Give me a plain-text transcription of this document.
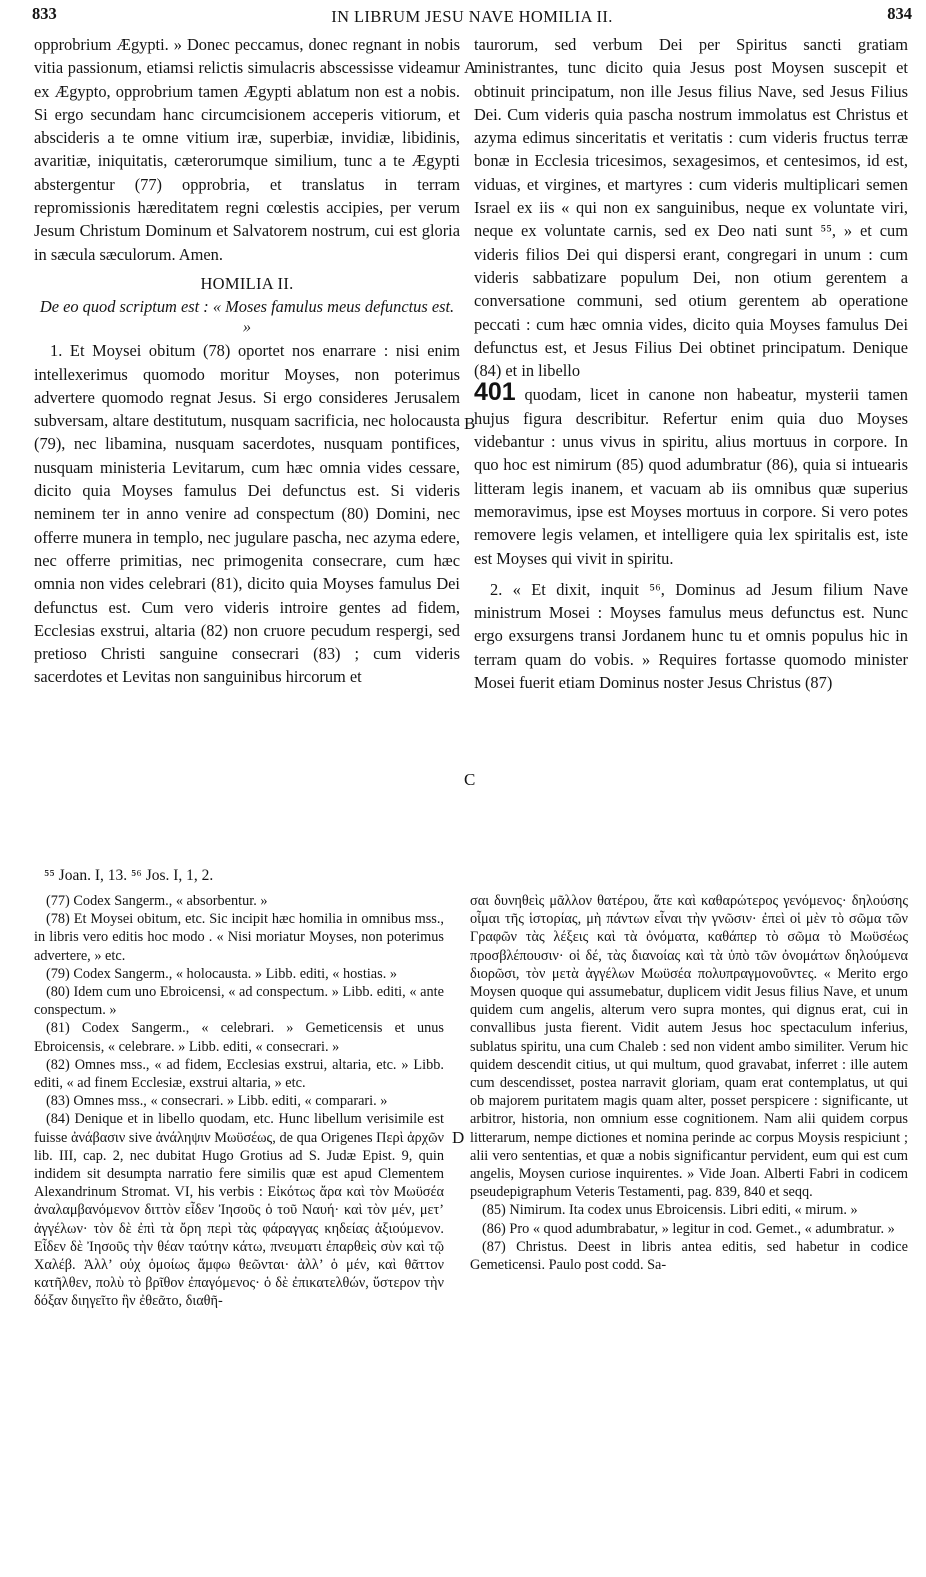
833	IN LIBRUM JESU NAVE HOMILIA II.	834

opprobrium Ægypti. » Donec peccamus, donec regnant in nobis vitia passionum, etiamsi relictis simulacris abscessisse videamur ex Ægypto, opprobrium tamen Ægypti ablatum non est a nobis. Si ergo secundam hanc circumcisionem acceperis vitiorum, et abscideris a te omne vitium iræ, superbiæ, invidiæ, libidinis, avaritiæ, iniquitatis, cæterorumque similium, tunc a te Ægypti abstergentur (77) opprobria, et translatus in terram repromissionis hæreditatem regni cœlestis accipies, per verum Jesum Christum Dominum et Salvatorem nostrum, cui est gloria in sæcula sæculorum. Amen.

HOMILIA II.

De eo quod scriptum est : « Moses famulus meus defunctus est. »

1. Et Moysei obitum (78) oportet nos enarrare : nisi enim intellexerimus quomodo moritur Moyses, non poterimus advertere quomodo regnat Jesus. Si ergo consideres Jerusalem subversam, altare destitutum, nusquam sacrificia, nec holocausta (79), nec libamina, nusquam sacerdotes, nusquam pontifices, nusquam ministeria Levitarum, cum hæc omnia vides cessare, dicito quia Moyses famulus Dei defunctus est. Si videris neminem ter in anno venire ad conspectum (80) Domini, nec offerre munera in templo, nec jugulare pascha, nec azyma edere, nec offerre primitias, nec primogenita consecrare, cum hæc omnia non vides celebrari (81), dicito quia Moyses famulus Dei defunctus est. Cum vero videris introire gentes ad fidem, Ecclesias exstrui, altaria (82) non cruore pecudum respergi, sed pretioso Christi sanguine consecrari (83) ; cum videris sacerdotes et Levitas non sanguinibus hircorum et

taurorum, sed verbum Dei per Spiritus sancti gratiam ministrantes, tunc dicito quia Jesus post Moysen suscepit et obtinuit principatum, non ille Jesus filius Nave, sed Jesus Filius Dei. Cum videris quia pascha nostrum immolatus est Christus et azyma edimus sinceritatis et veritatis : cum videris fructus terræ bonæ in Ecclesia tricesimos, sexagesimos, et centesimos, id est, viduas, et virgines, et martyres : cum videris multiplicari semen Israel ex iis « qui non ex sanguinibus, neque ex voluntate viri, neque ex voluntate carnis, sed ex Deo nati sunt ⁵⁵, » et cum videris filios Dei qui dispersi erant, congregari in unum : cum videris sabbatizare populum Dei, non otium gerentem a conversatione communi, sed otium gerentem ab operatione peccati : cum hæc omnia vides, dicito quia Moyses famulus Dei defunctus est, et Jesus Filius Dei obtinet principatum. Denique (84) et in libello
401 quodam, licet in canone non habeatur, mysterii tamen hujus figura describitur. Refertur enim quia duo Moyses videbantur : unus vivus in spiritu, alius mortuus in corpore. In quo hoc est nimirum (85) quod adumbratur (86), quia si intuearis litteram legis inanem, et vacuam ab iis omnibus quæ superius memoravimus, ipse est Moyses mortuus in corpore. Si vero potes removere legis velamen, et intelligere quia lex spiritalis est, iste est Moyses qui vivit in spiritu.

2. « Et dixit, inquit ⁵⁶, Dominus ad Jesum filium Nave ministrum Mosei : Moyses famulus meus defunctus est. Nunc ergo exsurgens transi Jordanem hunc tu et omnis populus hic in terram quam do vobis. » Requires fortasse quomodo minister Mosei fuerit etiam Dominus noster Jesus Christus (87)

A
B
C
D
⁵⁵ Joan. I, 13. ⁵⁶ Jos. I, 1, 2.

(77) Codex Sangerm., « absorbentur. »

(78) Et Moysei obitum, etc. Sic incipit hæc homilia in omnibus mss., in libris vero editis hoc modo . « Nisi moriatur Moyses, non poterimus advertere, » etc.

(79) Codex Sangerm., « holocausta. » Libb. editi, « hostias. »

(80) Idem cum uno Ebroicensi, « ad conspectum. » Libb. editi, « ante conspectum. »

(81) Codex Sangerm., « celebrari. » Gemeticensis et unus Ebroicensis, « celebrare. » Libb. editi, « consecrari. »

(82) Omnes mss., « ad fidem, Ecclesias exstrui, altaria, etc. » Libb. editi, « ad finem Ecclesiæ, exstrui altaria, » etc.

(83) Omnes mss., « consecrari. » Libb. editi, « comparari. »

(84) Denique et in libello quodam, etc. Hunc libellum verisimile est fuisse ἀνάβασιν sive ἀνάληψιν Μωϋσέως, de qua Origenes Περὶ ἀρχῶν lib. III, cap. 2, nec dubitat Hugo Grotius ad S. Judæ Epist. 9, quin indidem sit desumpta narratio fere similis quæ est apud Clementem Alexandrinum Stromat. VI, his verbis : Εἰκότως ἄρα καὶ τὸν Μωϋσέα ἀναλαμβανόμενον διττὸν εἶδεν Ἰησοῦς ὁ τοῦ Ναυή· καὶ τὸν μέν, μετ’ ἀγγέλων· τὸν δὲ ἐπὶ τὰ ὄρη περὶ τὰς φάραγγας κηδείας ἀξιούμενον. Εἶδεν δὲ Ἰησοῦς τὴν θέαν ταύτην κάτω, πνευματι ἐπαρθεὶς σὺν καὶ τῷ Χαλέβ. Ἀλλ’ οὐχ ὁμοίως ἄμφω θεῶνται· ἀλλ’ ὁ μέν, καὶ θᾶττον κατῆλθεν, πολὺ τὸ βρῖθον ἐπαγόμενος· ὁ δὲ ἐπικατελθών, ὕστερον τὴν δόξαν διηγεῖτο ἣν ἐθεᾶτο, διαθῆ-

σαι δυνηθεὶς μᾶλλον θατέρου, ἅτε καὶ καθαρώτερος γενόμενος· δηλούσης οἶμαι τῆς ἱστορίας, μὴ πάντων εἶναι τὴν γνῶσιν· ἐπεὶ οἱ μὲν τὸ σῶμα τῶν Γραφῶν τὰς λέξεις καὶ τὰ ὀνόματα, καθάπερ τὸ σῶμα τὸ Μωϋσέως προσβλέπουσιν· οἱ δέ, τὰς διανοίας καὶ τὰ ὑπὸ τῶν ὀνομάτων δηλούμενα διορῶσι, τὸν μετὰ ἀγγέλων Μωϋσέα πολυπραγμονοῦντες. « Merito ergo Moysen quoque qui assumebatur, duplicem vidit Jesus filius Nave, et unum quidem cum angelis, alterum vero supra montes, qui dignus erat, cui in convallibus justa fierent. Vidit autem Jesus hoc spectaculum inferius, sublatus spiritu, una cum Chaleb : sed non vident ambo similiter. Verum hic quidem descendit citius, ut qui multum, quod gravabat, inferret : ille autem cum descendisset, postea narravit gloriam, quam erat contemplatus, ut qui ob majorem puritatem magis quam alter, posset perspicere : significante, ut arbitror, historia, non omnium esse cognitionem. Nam alii quidem corpus litterarum, nempe dictiones et nomina perinde ac corpus Moysis respiciunt ; alii vero sententias, et quæ a nobis significantur pervident, eum qui est cum angelis, Moysen curiose inquirentes. » Vide Joan. Alberti Fabri in codicem pseudepigraphum Veteris Testamenti, pag. 839, 840 et seqq.

(85) Nimirum. Ita codex unus Ebroicensis. Libri editi, « mirum. »

(86) Pro « quod adumbrabatur, » legitur in cod. Gemet., « adumbratur. »

(87) Christus. Deest in libris antea editis, sed habetur in codice Gemeticensi. Paulo post codd. Sa-
